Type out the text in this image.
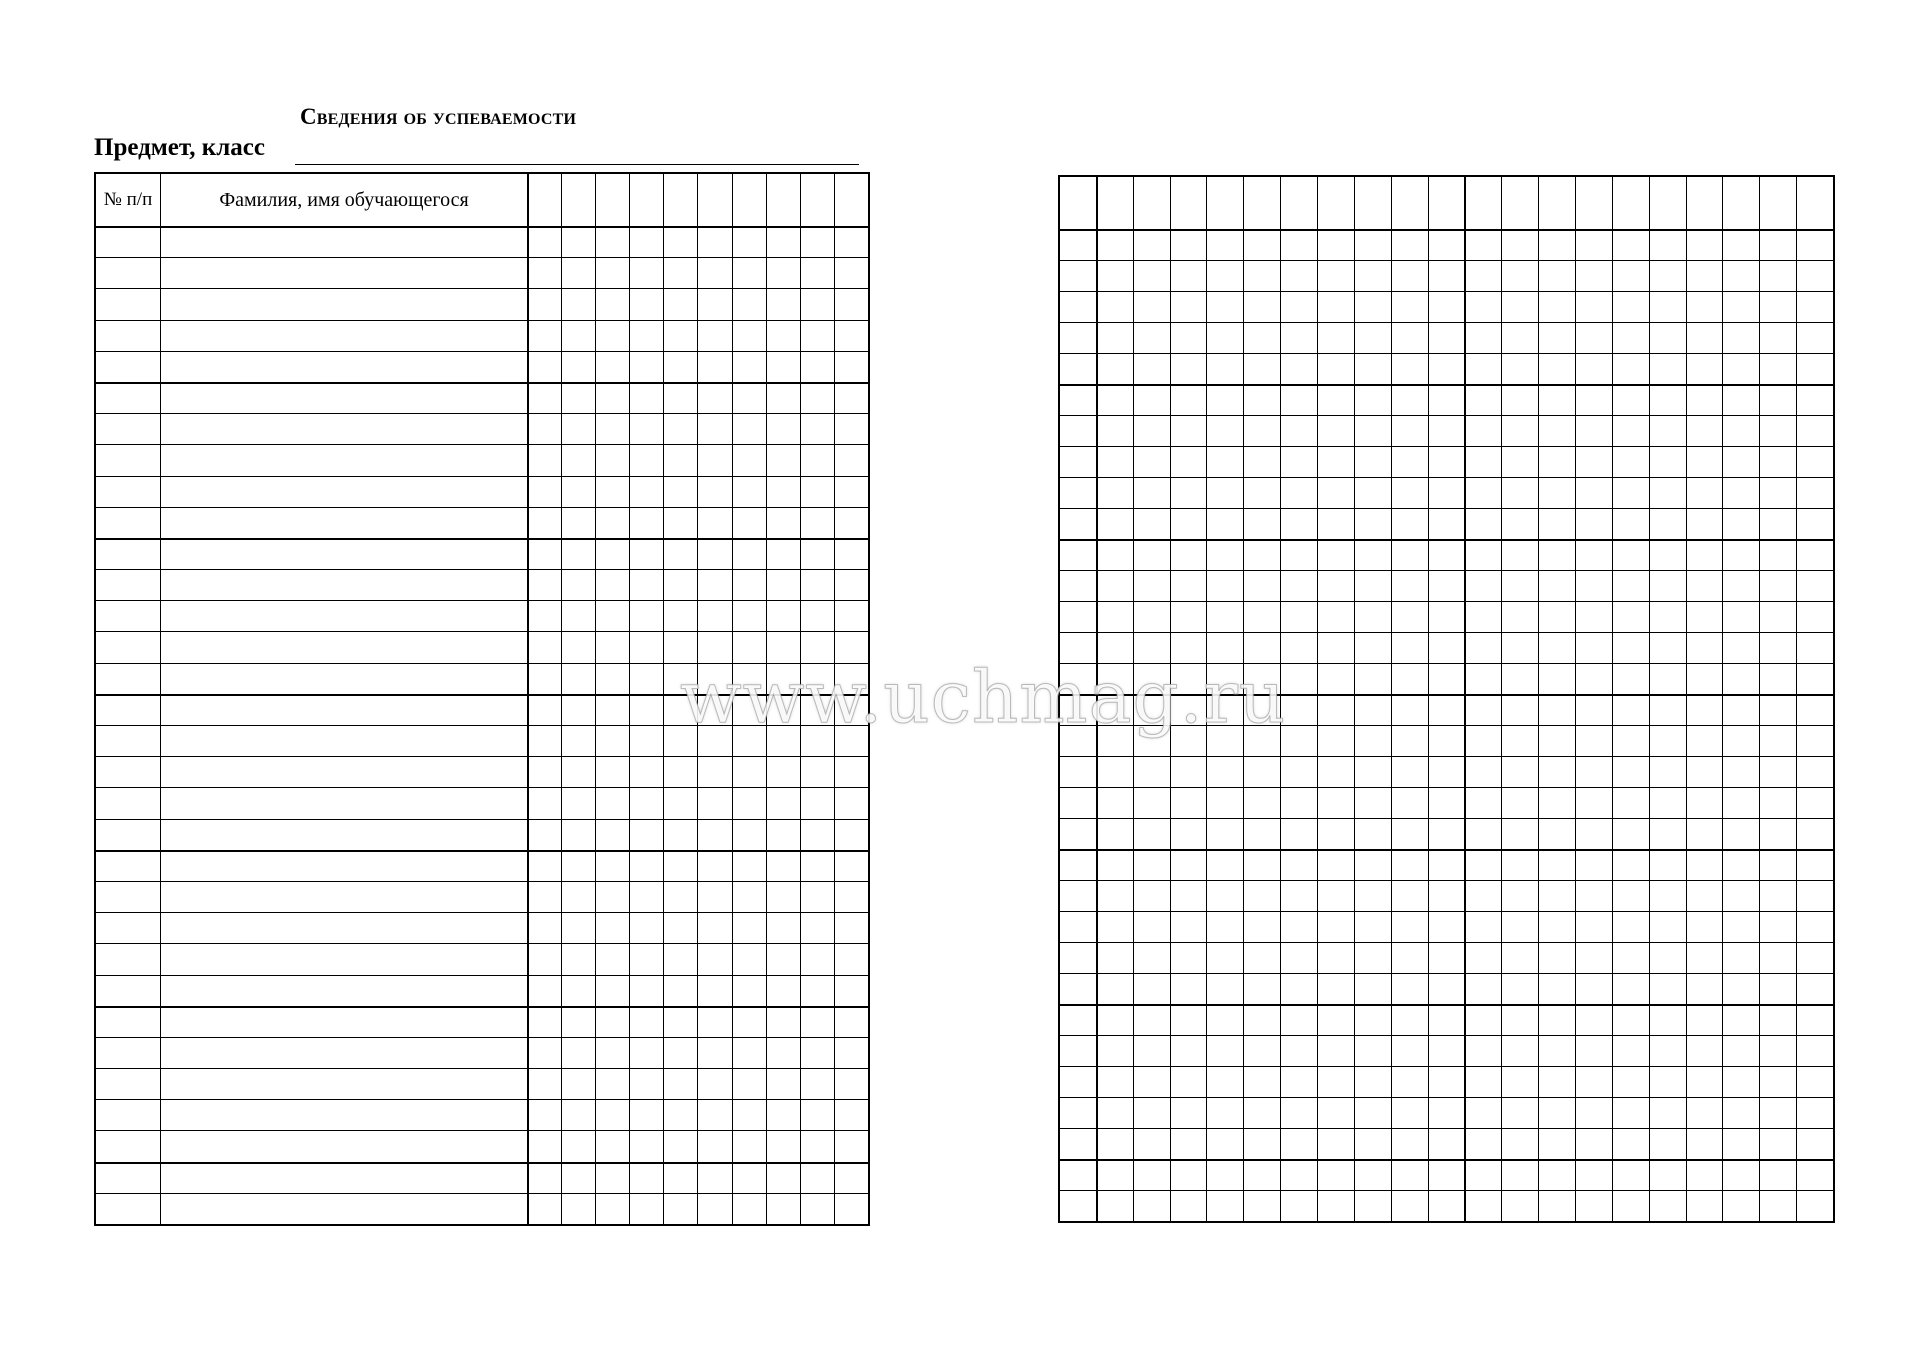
Сведения об успеваемости
Предмет, класс
№ п/п	Фамилия, имя обучающегося
www.uchmag.ru
